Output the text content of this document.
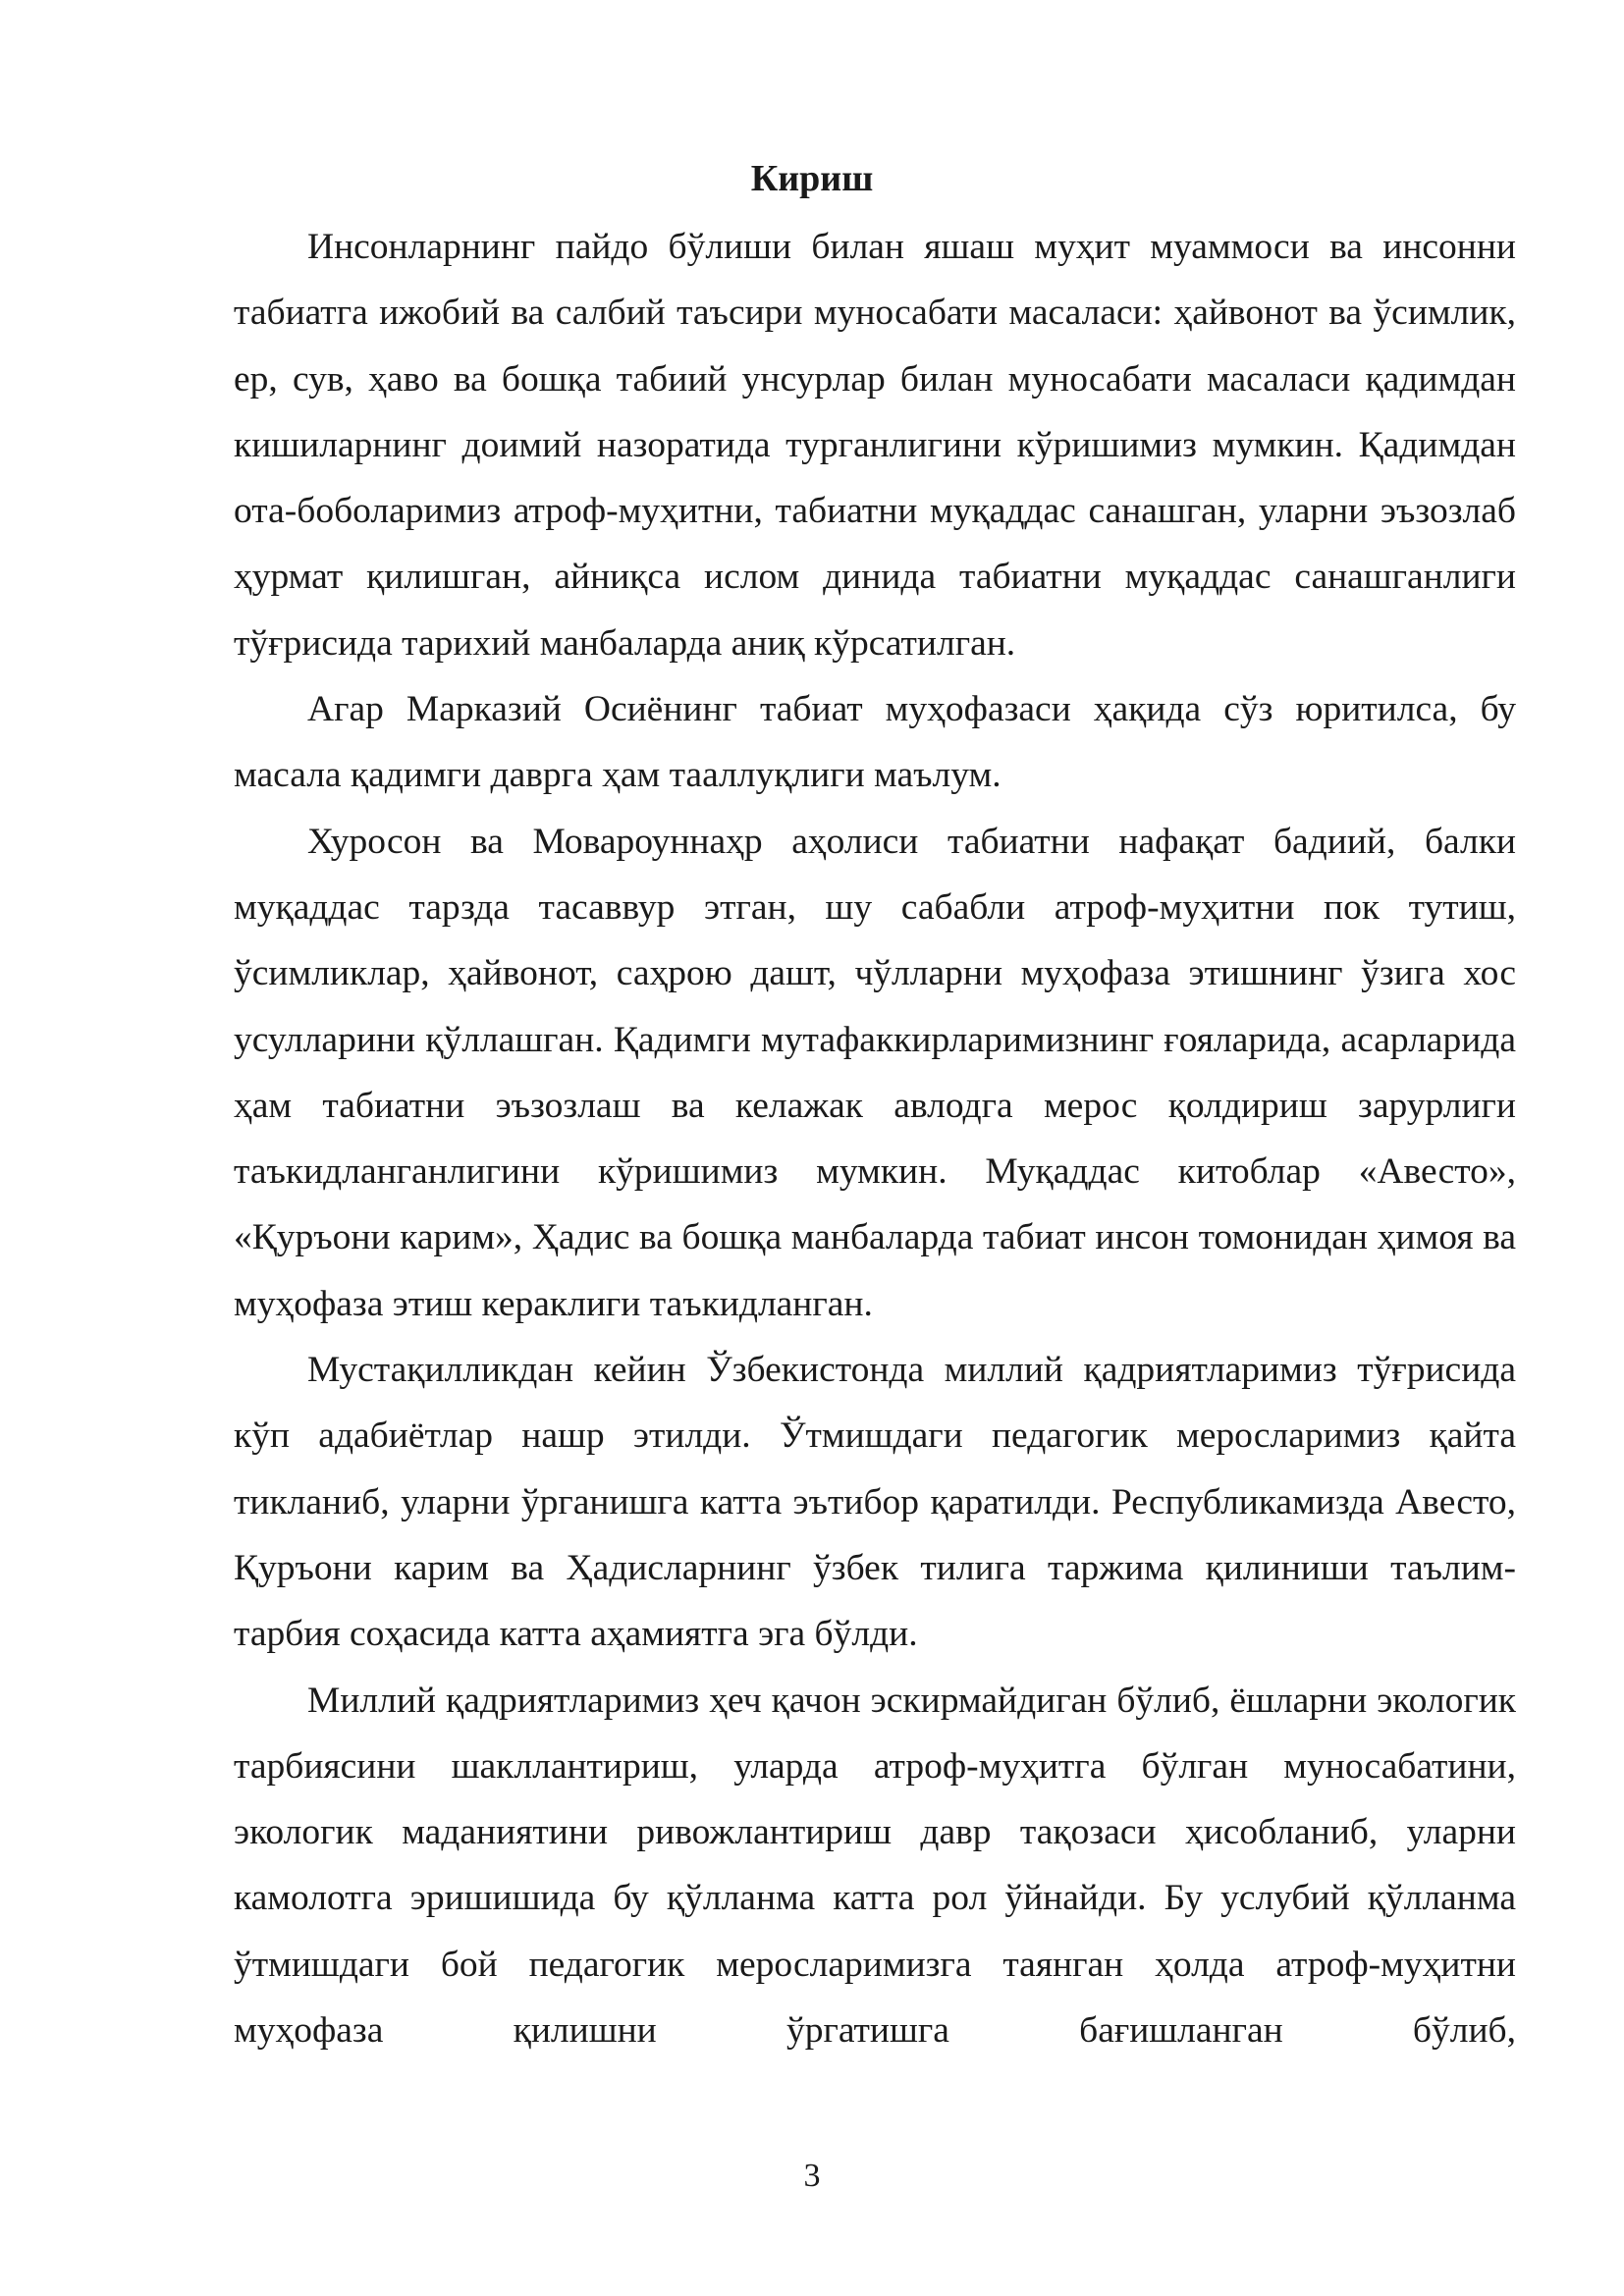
Кириш

Инсонларнинг пайдо бўлиши билан яшаш муҳит муаммоси ва инсонни табиатга ижобий ва салбий таъсири муносабати масаласи: ҳайвонот ва ўсимлик, ер, сув, ҳаво ва бошқа табиий унсурлар билан муносабати масаласи қадимдан кишиларнинг доимий назоратида турганлигини кўришимиз мумкин. Қадимдан ота-боболаримиз атроф-муҳитни, табиатни муқаддас санашган, уларни эъзозлаб ҳурмат қилишган, айниқса ислом динида табиатни муқаддас санашганлиги тўғрисида тарихий манбаларда аниқ кўрсатилган.

Агар Марказий Осиёнинг табиат муҳофазаси ҳақида сўз юритилса, бу масала қадимги даврга ҳам тааллуқлиги маълум.

Хуросон ва Мовароуннаҳр аҳолиси табиатни нафақат бадиий, балки муқаддас тарзда тасаввур этган, шу сабабли атроф-муҳитни пок тутиш, ўсимликлар, ҳайвонот, саҳрою дашт, чўлларни муҳофаза этишнинг ўзига хос усулларини қўллашган. Қадимги мутафаккирларимизнинг ғояларида, асарларида ҳам табиатни эъзозлаш ва келажак авлодга мерос қолдириш зарурлиги таъкидланганлигини кўришимиз мумкин. Муқаддас китоблар «Авесто», «Қуръони карим», Ҳадис ва бошқа манбаларда табиат инсон томонидан ҳимоя ва муҳофаза этиш кераклиги таъкидланган.

Мустақилликдан кейин Ўзбекистонда миллий қадриятларимиз тўғрисида кўп адабиётлар нашр этилди. Ўтмишдаги педагогик меросларимиз қайта тикланиб, уларни ўрганишга катта эътибор қаратилди. Республикамизда Авесто, Қуръони карим ва Ҳадисларнинг ўзбек тилига таржима қилиниши таълим-тарбия соҳасида катта аҳамиятга эга бўлди.

Миллий қадриятларимиз ҳеч қачон эскирмайдиган бўлиб, ёшларни экологик тарбиясини шакллантириш, уларда атроф-муҳитга бўлган муносабатини, экологик маданиятини ривожлантириш давр тақозаси ҳисобланиб, уларни камолотга эришишида бу қўлланма катта рол ўйнайди. Бу услубий қўлланма ўтмишдаги бой педагогик меросларимизга таянган ҳолда атроф-муҳитни муҳофаза қилишни ўргатишга бағишланган бўлиб,

3
